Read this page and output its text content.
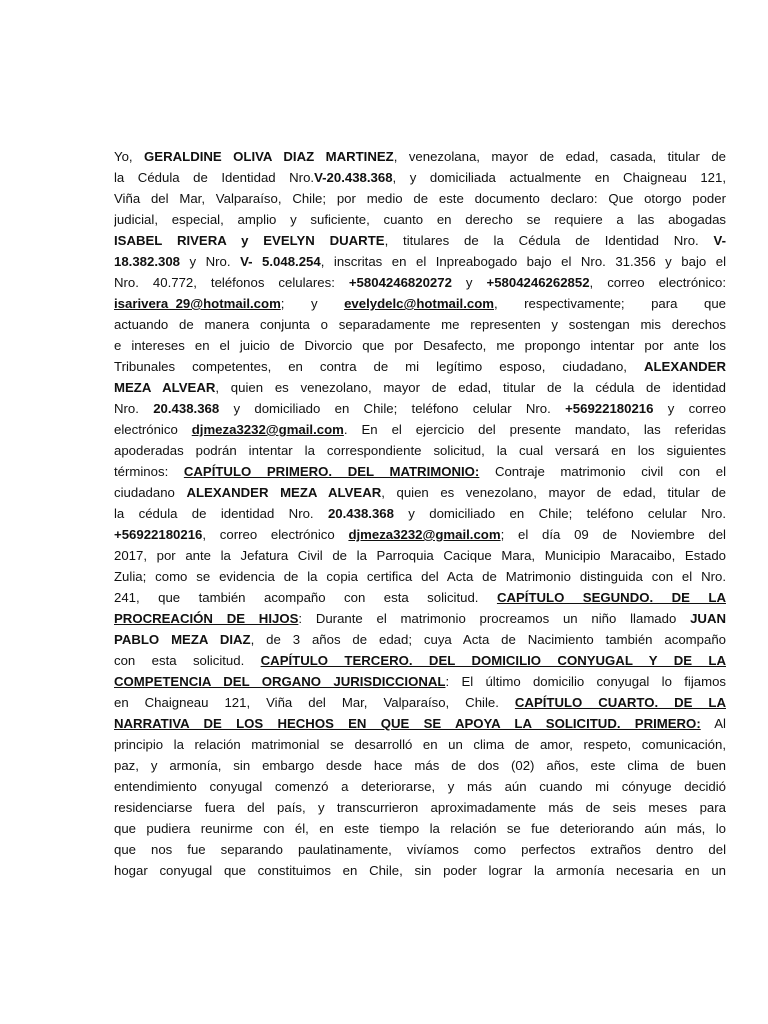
Yo, GERALDINE OLIVA DIAZ MARTINEZ, venezolana, mayor de edad, casada, titular de
la Cédula de Identidad Nro.V-20.438.368, y domiciliada actualmente en Chaigneau 121,
Viña del Mar, Valparaíso, Chile; por medio de este documento declaro: Que otorgo poder
judicial, especial, amplio y suficiente, cuanto en derecho se requiere a las abogadas
ISABEL RIVERA y EVELYN DUARTE, titulares de la Cédula de Identidad Nro. V-
18.382.308 y Nro. V- 5.048.254, inscritas en el Inpreabogado bajo el Nro. 31.356 y bajo el
Nro. 40.772, teléfonos celulares: +5804246820272 y +5804246262852, correo electrónico:
isarivera_29@hotmail.com; y evelydelc@hotmail.com, respectivamente; para que
actuando de manera conjunta o separadamente me representen y sostengan mis derechos
e intereses en el juicio de Divorcio que por Desafecto, me propongo intentar por ante los
Tribunales competentes, en contra de mi legítimo esposo, ciudadano, ALEXANDER
MEZA ALVEAR, quien es venezolano, mayor de edad, titular de la cédula de identidad
Nro. 20.438.368 y domiciliado en Chile; teléfono celular Nro. +56922180216 y correo
electrónico djmeza3232@gmail.com. En el ejercicio del presente mandato, las referidas
apoderadas podrán intentar la correspondiente solicitud, la cual versará en los siguientes
términos: CAPÍTULO PRIMERO. DEL MATRIMONIO: Contraje matrimonio civil con el
ciudadano ALEXANDER MEZA ALVEAR, quien es venezolano, mayor de edad, titular de
la cédula de identidad Nro. 20.438.368 y domiciliado en Chile; teléfono celular Nro.
+56922180216, correo electrónico djmeza3232@gmail.com; el día 09 de Noviembre del
2017, por ante la Jefatura Civil de la Parroquia Cacique Mara, Municipio Maracaibo, Estado
Zulia; como se evidencia de la copia certifica del Acta de Matrimonio distinguida con el Nro.
241, que también acompaño con esta solicitud. CAPÍTULO SEGUNDO. DE LA
PROCREACIÓN DE HIJOS: Durante el matrimonio procreamos un niño llamado JUAN
PABLO MEZA DIAZ, de 3 años de edad; cuya Acta de Nacimiento también acompaño
con esta solicitud. CAPÍTULO TERCERO. DEL DOMICILIO CONYUGAL Y DE LA
COMPETENCIA DEL ORGANO JURISDICCIONAL: El último domicilio conyugal lo fijamos
en Chaigneau 121, Viña del Mar, Valparaíso, Chile. CAPÍTULO CUARTO. DE LA
NARRATIVA DE LOS HECHOS EN QUE SE APOYA LA SOLICITUD. PRIMERO: Al
principio la relación matrimonial se desarrolló en un clima de amor, respeto, comunicación,
paz, y armonía, sin embargo desde hace más de dos (02) años, este clima de buen
entendimiento conyugal comenzó a deteriorarse, y más aún cuando mi cónyuge decidió
residenciarse fuera del país, y transcurrieron aproximadamente más de seis meses para
que pudiera reunirme con él, en este tiempo la relación se fue deteriorando aún más, lo
que nos fue separando paulatinamente, vivíamos como perfectos extraños dentro del
hogar conyugal que constituimos en Chile, sin poder lograr la armonía necesaria en un
